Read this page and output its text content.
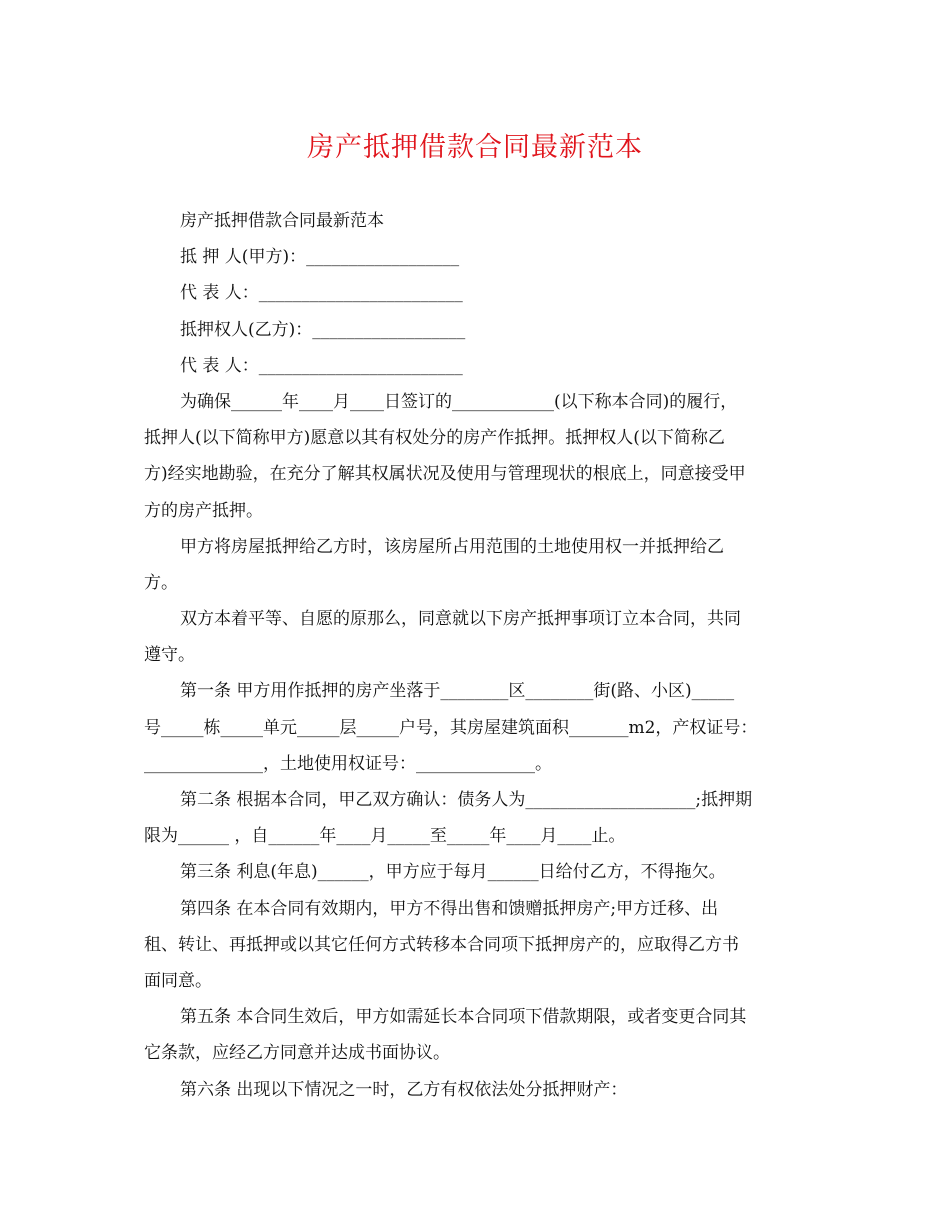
房产抵押借款合同最新范本
房产抵押借款合同最新范本
抵 押 人(甲方)：__________________
代 表 人：________________________
抵押权人(乙方)：__________________
代 表 人：________________________
为确保______年____月____日签订的____________(以下称本合同)的履行，
抵押人(以下简称甲方)愿意以其有权处分的房产作抵押。抵押权人(以下简称乙
方)经实地勘验，在充分了解其权属状况及使用与管理现状的根底上，同意接受甲
方的房产抵押。
甲方将房屋抵押给乙方时，该房屋所占用范围的土地使用权一并抵押给乙
方。
双方本着平等、自愿的原那么，同意就以下房产抵押事项订立本合同，共同
遵守。
第一条 甲方用作抵押的房产坐落于________区________街(路、小区)_____
号_____栋_____单元_____层_____户号，其房屋建筑面积_______m2，产权证号：
______________，土地使用权证号：______________。
第二条 根据本合同，甲乙双方确认：债务人为____________________;抵押期
限为______ ，自______年____月_____至_____年____月____止。
第三条 利息(年息)______，甲方应于每月______日给付乙方，不得拖欠。
第四条 在本合同有效期内，甲方不得出售和馈赠抵押房产;甲方迁移、出
租、转让、再抵押或以其它任何方式转移本合同项下抵押房产的，应取得乙方书
面同意。
第五条 本合同生效后，甲方如需延长本合同项下借款期限，或者变更合同其
它条款，应经乙方同意并达成书面协议。
第六条 出现以下情况之一时，乙方有权依法处分抵押财产：
